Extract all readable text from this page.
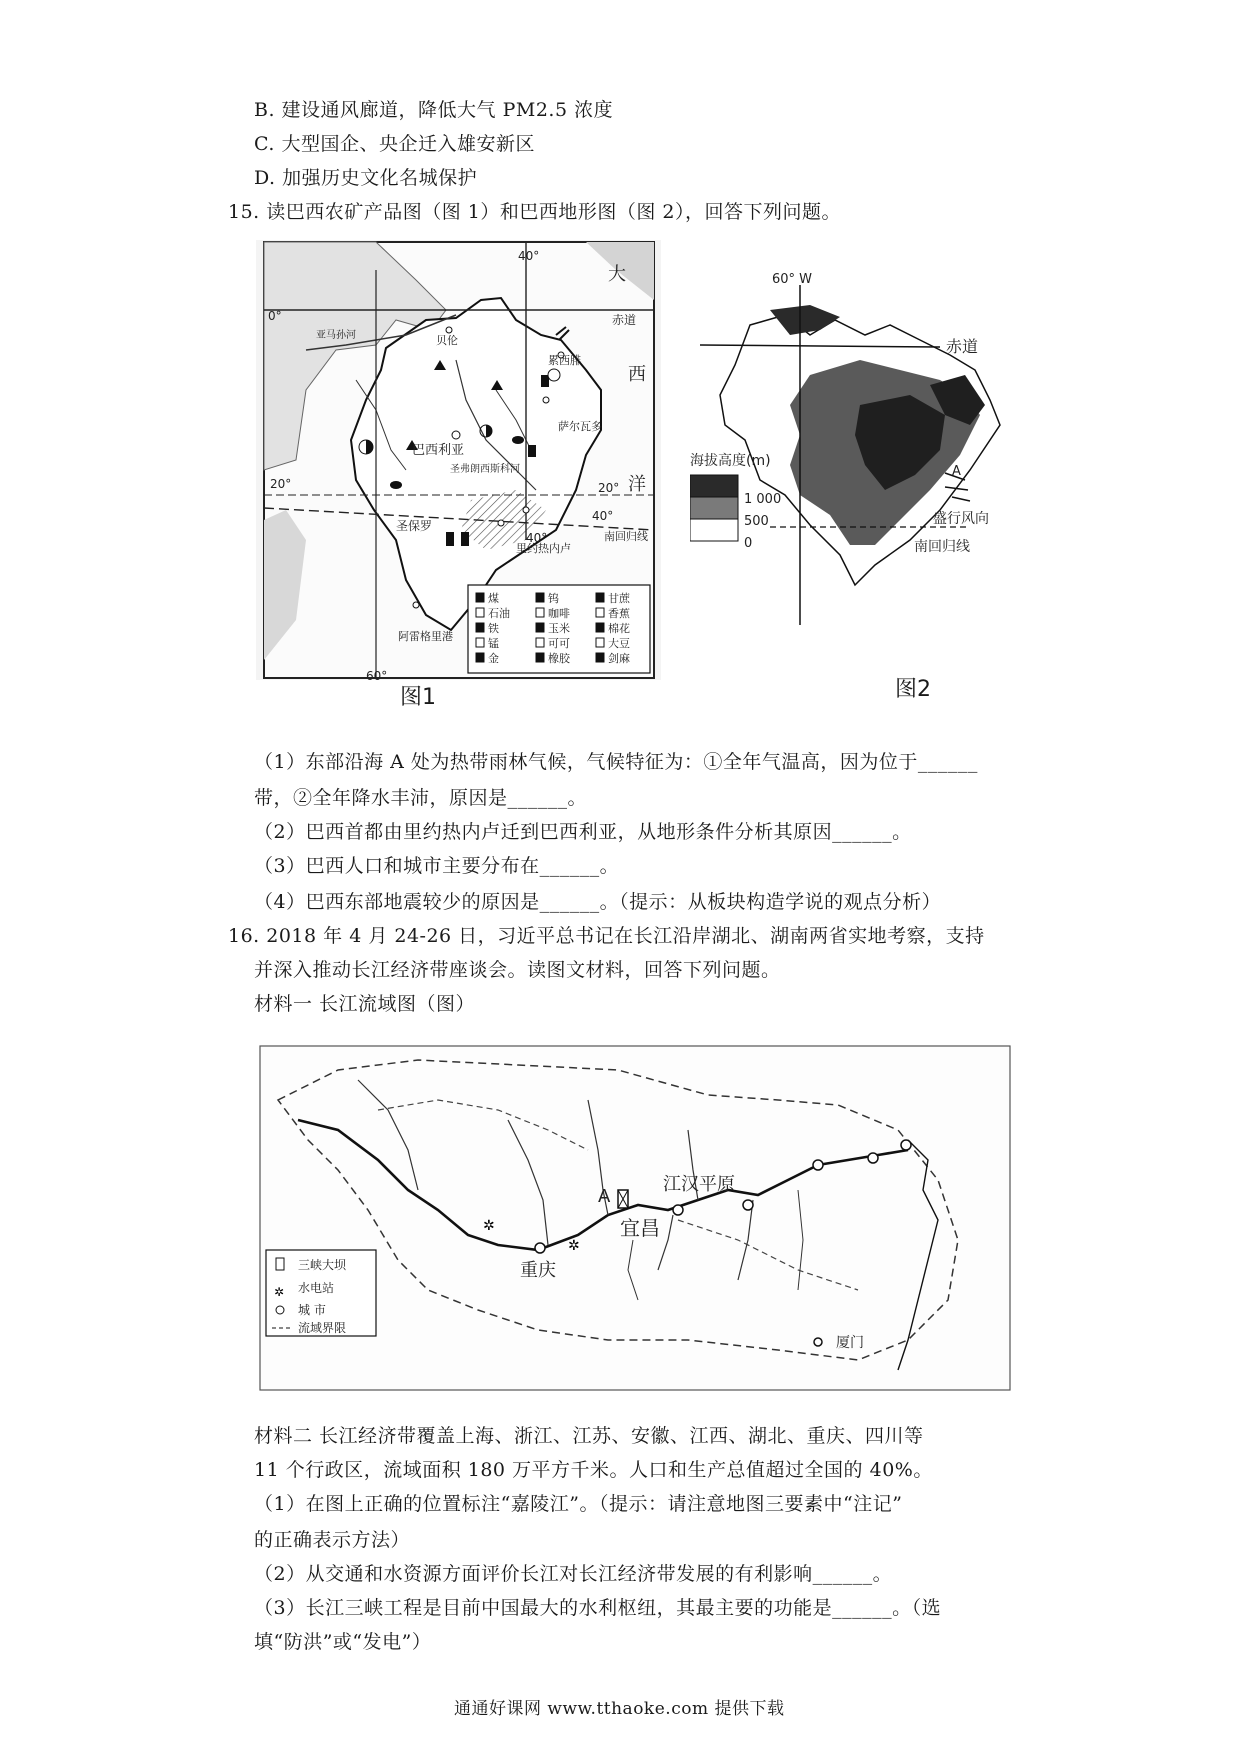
B. 建设通风廊道，降低大气 PM2.5 浓度
C. 大型国企、央企迁入雄安新区
D. 加强历史文化名城保护
15. 读巴西农矿产品图（图 1）和巴西地形图（图 2），回答下列问题。
40°
0°
大
赤道
西
洋
20°	20°
40°
40°
60°
亚马孙河	贝伦
累西腓
萨尔瓦多
巴西利亚
圣弗朗西斯科河
里约热内卢
圣保罗
南回归线
阿雷格里港
煤
石油
铁
锰
金
钨
咖啡
玉米
可可
橡胶
甘蔗
香蕉
棉花
大豆
剑麻
图1
海拔高度(m)
1 000
500
0
60° W
赤道
A
盛行风向
南回归线
图2
（1）东部沿海 A 处为热带雨林气候，气候特征为：①全年气温高，因为位于______
带，②全年降水丰沛，原因是______。
（2）巴西首都由里约热内卢迁到巴西利亚，从地形条件分析其原因______。
（3）巴西人口和城市主要分布在______。
（4）巴西东部地震较少的原因是______。（提示：从板块构造学说的观点分析）
16. 2018 年 4 月 24-26 日，习近平总书记在长江沿岸湖北、湖南两省实地考察，支持
并深入推动长江经济带座谈会。读图文材料，回答下列问题。
材料一 长江流域图（图）
✲
✲
✲
三峡大坝
水电站
城 市
流域界限
A
江汉平原
宜昌
重庆
厦门
材料二 长江经济带覆盖上海、浙江、江苏、安徽、江西、湖北、重庆、四川等
11 个行政区，流域面积 180 万平方千米。人口和生产总值超过全国的 40%。
（1）在图上正确的位置标注“嘉陵江”。（提示：请注意地图三要素中“注记”
的正确表示方法）
（2）从交通和水资源方面评价长江对长江经济带发展的有利影响______。
（3）长江三峡工程是目前中国最大的水利枢纽，其最主要的功能是______。（选
填“防洪”或“发电”）
通通好课网 www.tthaoke.com 提供下载
